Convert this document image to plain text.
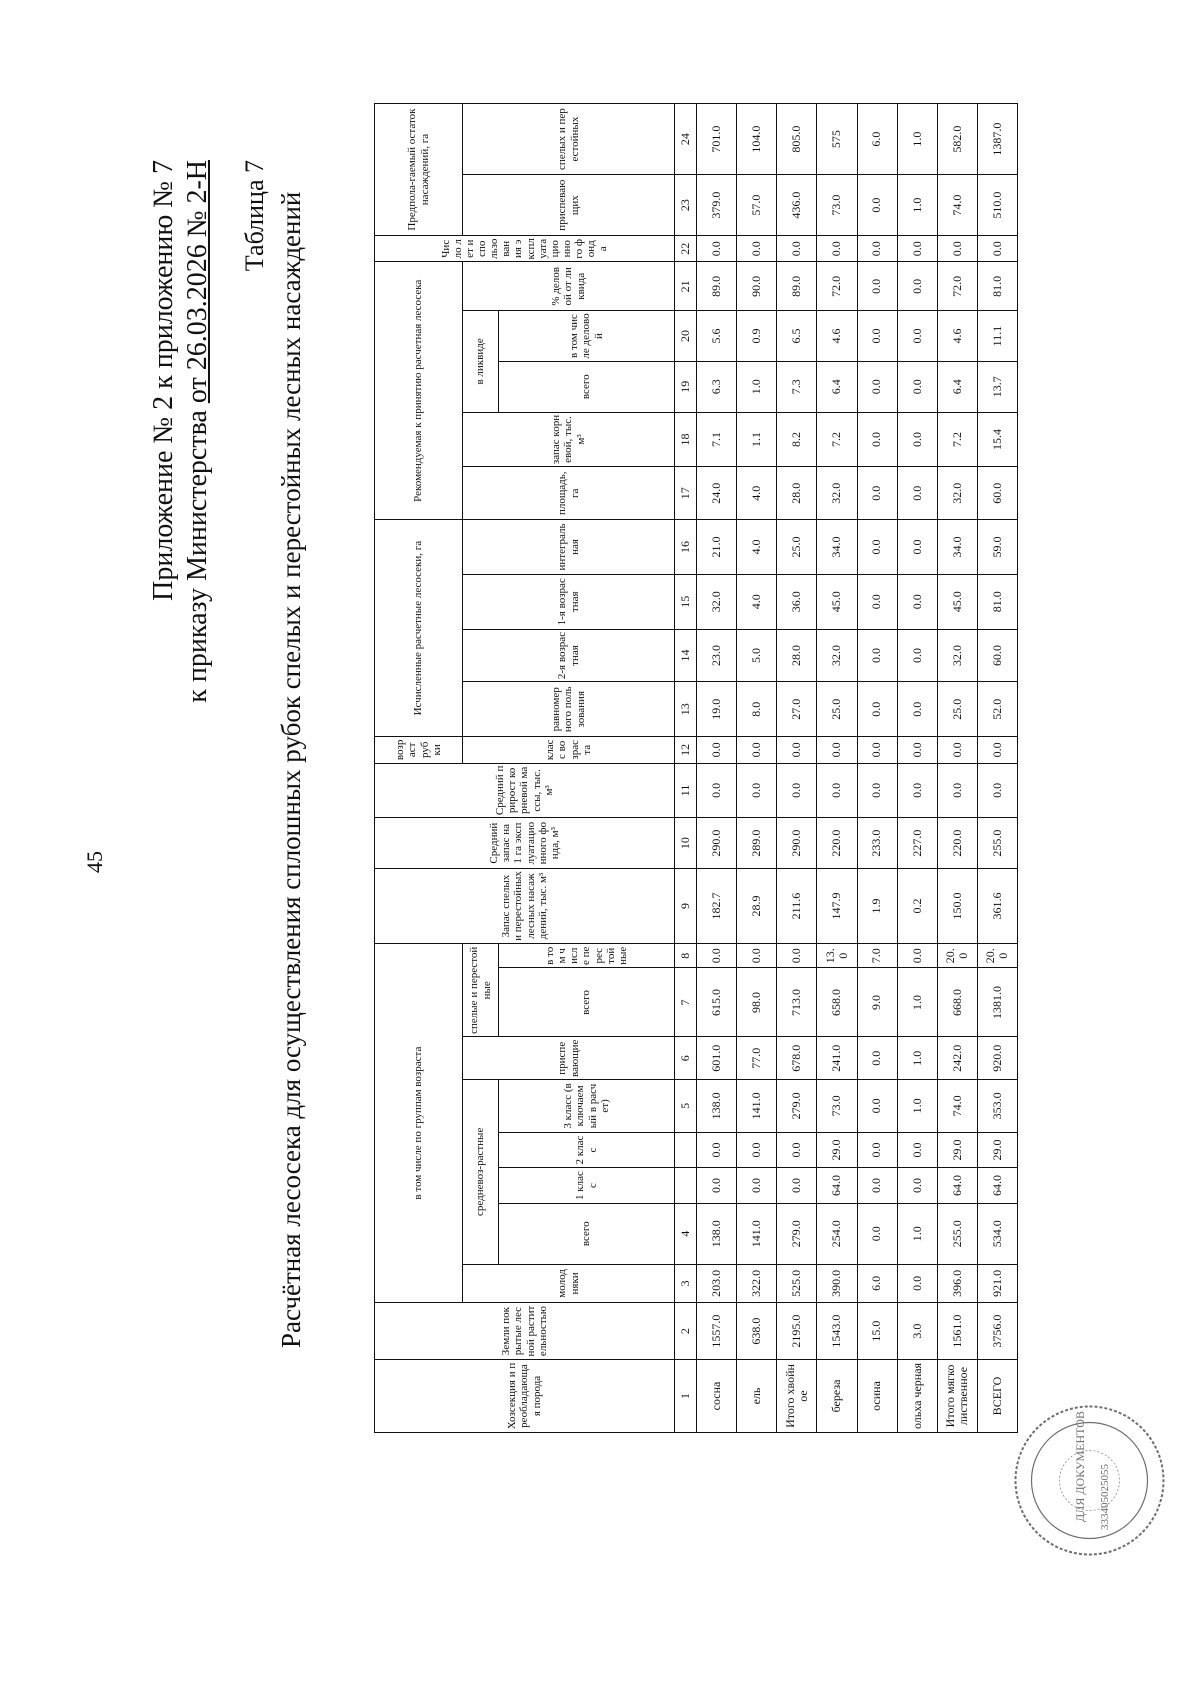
45
Приложение № 2 к приложению № 7 к приказу Министерства от 26.03.2026 № 2-Н Таблица 7 Расчётная лесосека для осуществления сплошных рубок спелых и перестойных лесных насаждений
Хозсекция и преобладающая порода	Земли покрытые лесной растительностью	в том числе по группам возраста								Запас спелых и перестойных лесных насаждений, тыс. м³	Средний запас на 1 га эксплуатационного фонда, м³	Средний прирост корневой массы, тыс. м³	возраст рубки	Исчисленные расчетные лесосеки, га				Рекомендуемая к принятию расчетная лесосека					Число лет использования эксплуатационного фонда	Предпола-гаемый остаток насаждений, га	
		молодняки	средневоз-растные				приспевающие	спелые и перестойные					класс возраста	равномерного пользования	2-я возрастная	1-я возрастная	интегральная	площадь, га	запас корневой, тыс. м³	в ликвиде		% деловой от ликвида		приспевающих	спелых и перестойных
			всего	1 класс	2 класс	3 класс (включаемый в расчет)		всего	в том числе перестойные											всего	в том числе деловой				
1	2	3	4			5	6	7	8	9	10	11	12	13	14	15	16	17	18	19	20	21	22	23	24
сосна	1557.0	203.0	138.0	0.0	0.0	138.0	601.0	615.0	0.0	182.7	290.0	0.0	0.0	19.0	23.0	32.0	21.0	24.0	7.1	6.3	5.6	89.0	0.0	379.0	701.0
ель	638.0	322.0	141.0	0.0	0.0	141.0	77.0	98.0	0.0	28.9	289.0	0.0	0.0	8.0	5.0	4.0	4.0	4.0	1.1	1.0	0.9	90.0	0.0	57.0	104.0
Итого хвойное	2195.0	525.0	279.0	0.0	0.0	279.0	678.0	713.0	0.0	211.6	290.0	0.0	0.0	27.0	28.0	36.0	25.0	28.0	8.2	7.3	6.5	89.0	0.0	436.0	805.0
береза	1543.0	390.0	254.0	64.0	29.0	73.0	241.0	658.0	13.0	147.9	220.0	0.0	0.0	25.0	32.0	45.0	34.0	32.0	7.2	6.4	4.6	72.0	0.0	73.0	575
осина	15.0	6.0	0.0	0.0	0.0	0.0	0.0	9.0	7.0	1.9	233.0	0.0	0.0	0.0	0.0	0.0	0.0	0.0	0.0	0.0	0.0	0.0	0.0	0.0	6.0
ольха черная	3.0	0.0	1.0	0.0	0.0	1.0	1.0	1.0	0.0	0.2	227.0	0.0	0.0	0.0	0.0	0.0	0.0	0.0	0.0	0.0	0.0	0.0	0.0	1.0	1.0
Итого мягколиственное	1561.0	396.0	255.0	64.0	29.0	74.0	242.0	668.0	20.0	150.0	220.0	0.0	0.0	25.0	32.0	45.0	34.0	32.0	7.2	6.4	4.6	72.0	0.0	74.0	582.0
ВСЕГО	3756.0	921.0	534.0	64.0	29.0	353.0	920.0	1381.0	20.0	361.6	255.0	0.0	0.0	52.0	60.0	81.0	59.0	60.0	15.4	13.7	11.1	81.0	0.0	510.0	1387.0
ДЛЯ ДОКУМЕНТОВ 333405025055
